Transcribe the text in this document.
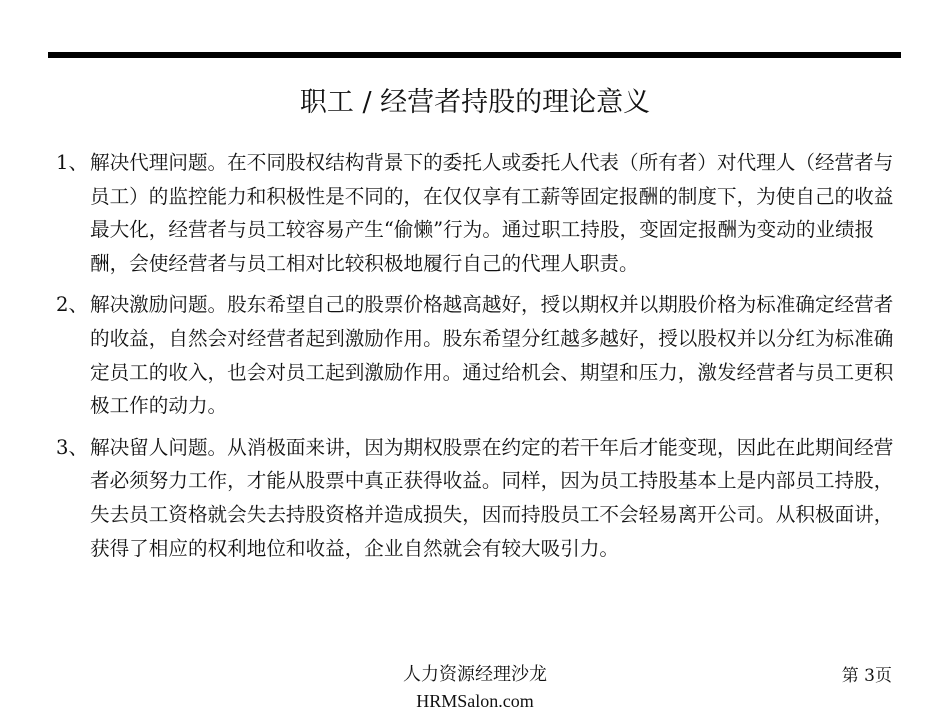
职工 / 经营者持股的理论意义
1、 解决代理问题。在不同股权结构背景下的委托人或委托人代表（所有者）对代理人（经营者与员工）的监控能力和积极性是不同的，在仅仅享有工薪等固定报酬的制度下，为使自己的收益最大化，经营者与员工较容易产生“偷懒”行为。通过职工持股，变固定报酬为变动的业绩报酬，会使经营者与员工相对比较积极地履行自己的代理人职责。
2、 解决激励问题。股东希望自己的股票价格越高越好，授以期权并以期股价格为标准确定经营者的收益，自然会对经营者起到激励作用。股东希望分红越多越好，授以股权并以分红为标准确定员工的收入，也会对员工起到激励作用。通过给机会、期望和压力，激发经营者与员工更积极工作的动力。
3、 解决留人问题。从消极面来讲，因为期权股票在约定的若干年后才能变现，因此在此期间经营者必须努力工作，才能从股票中真正获得收益。同样，因为员工持股基本上是内部员工持股，失去员工资格就会失去持股资格并造成损失，因而持股员工不会轻易离开公司。从积极面讲，获得了相应的权利地位和收益，企业自然就会有较大吸引力。
人力资源经理沙龙
HRMSalon.com
第 3页
